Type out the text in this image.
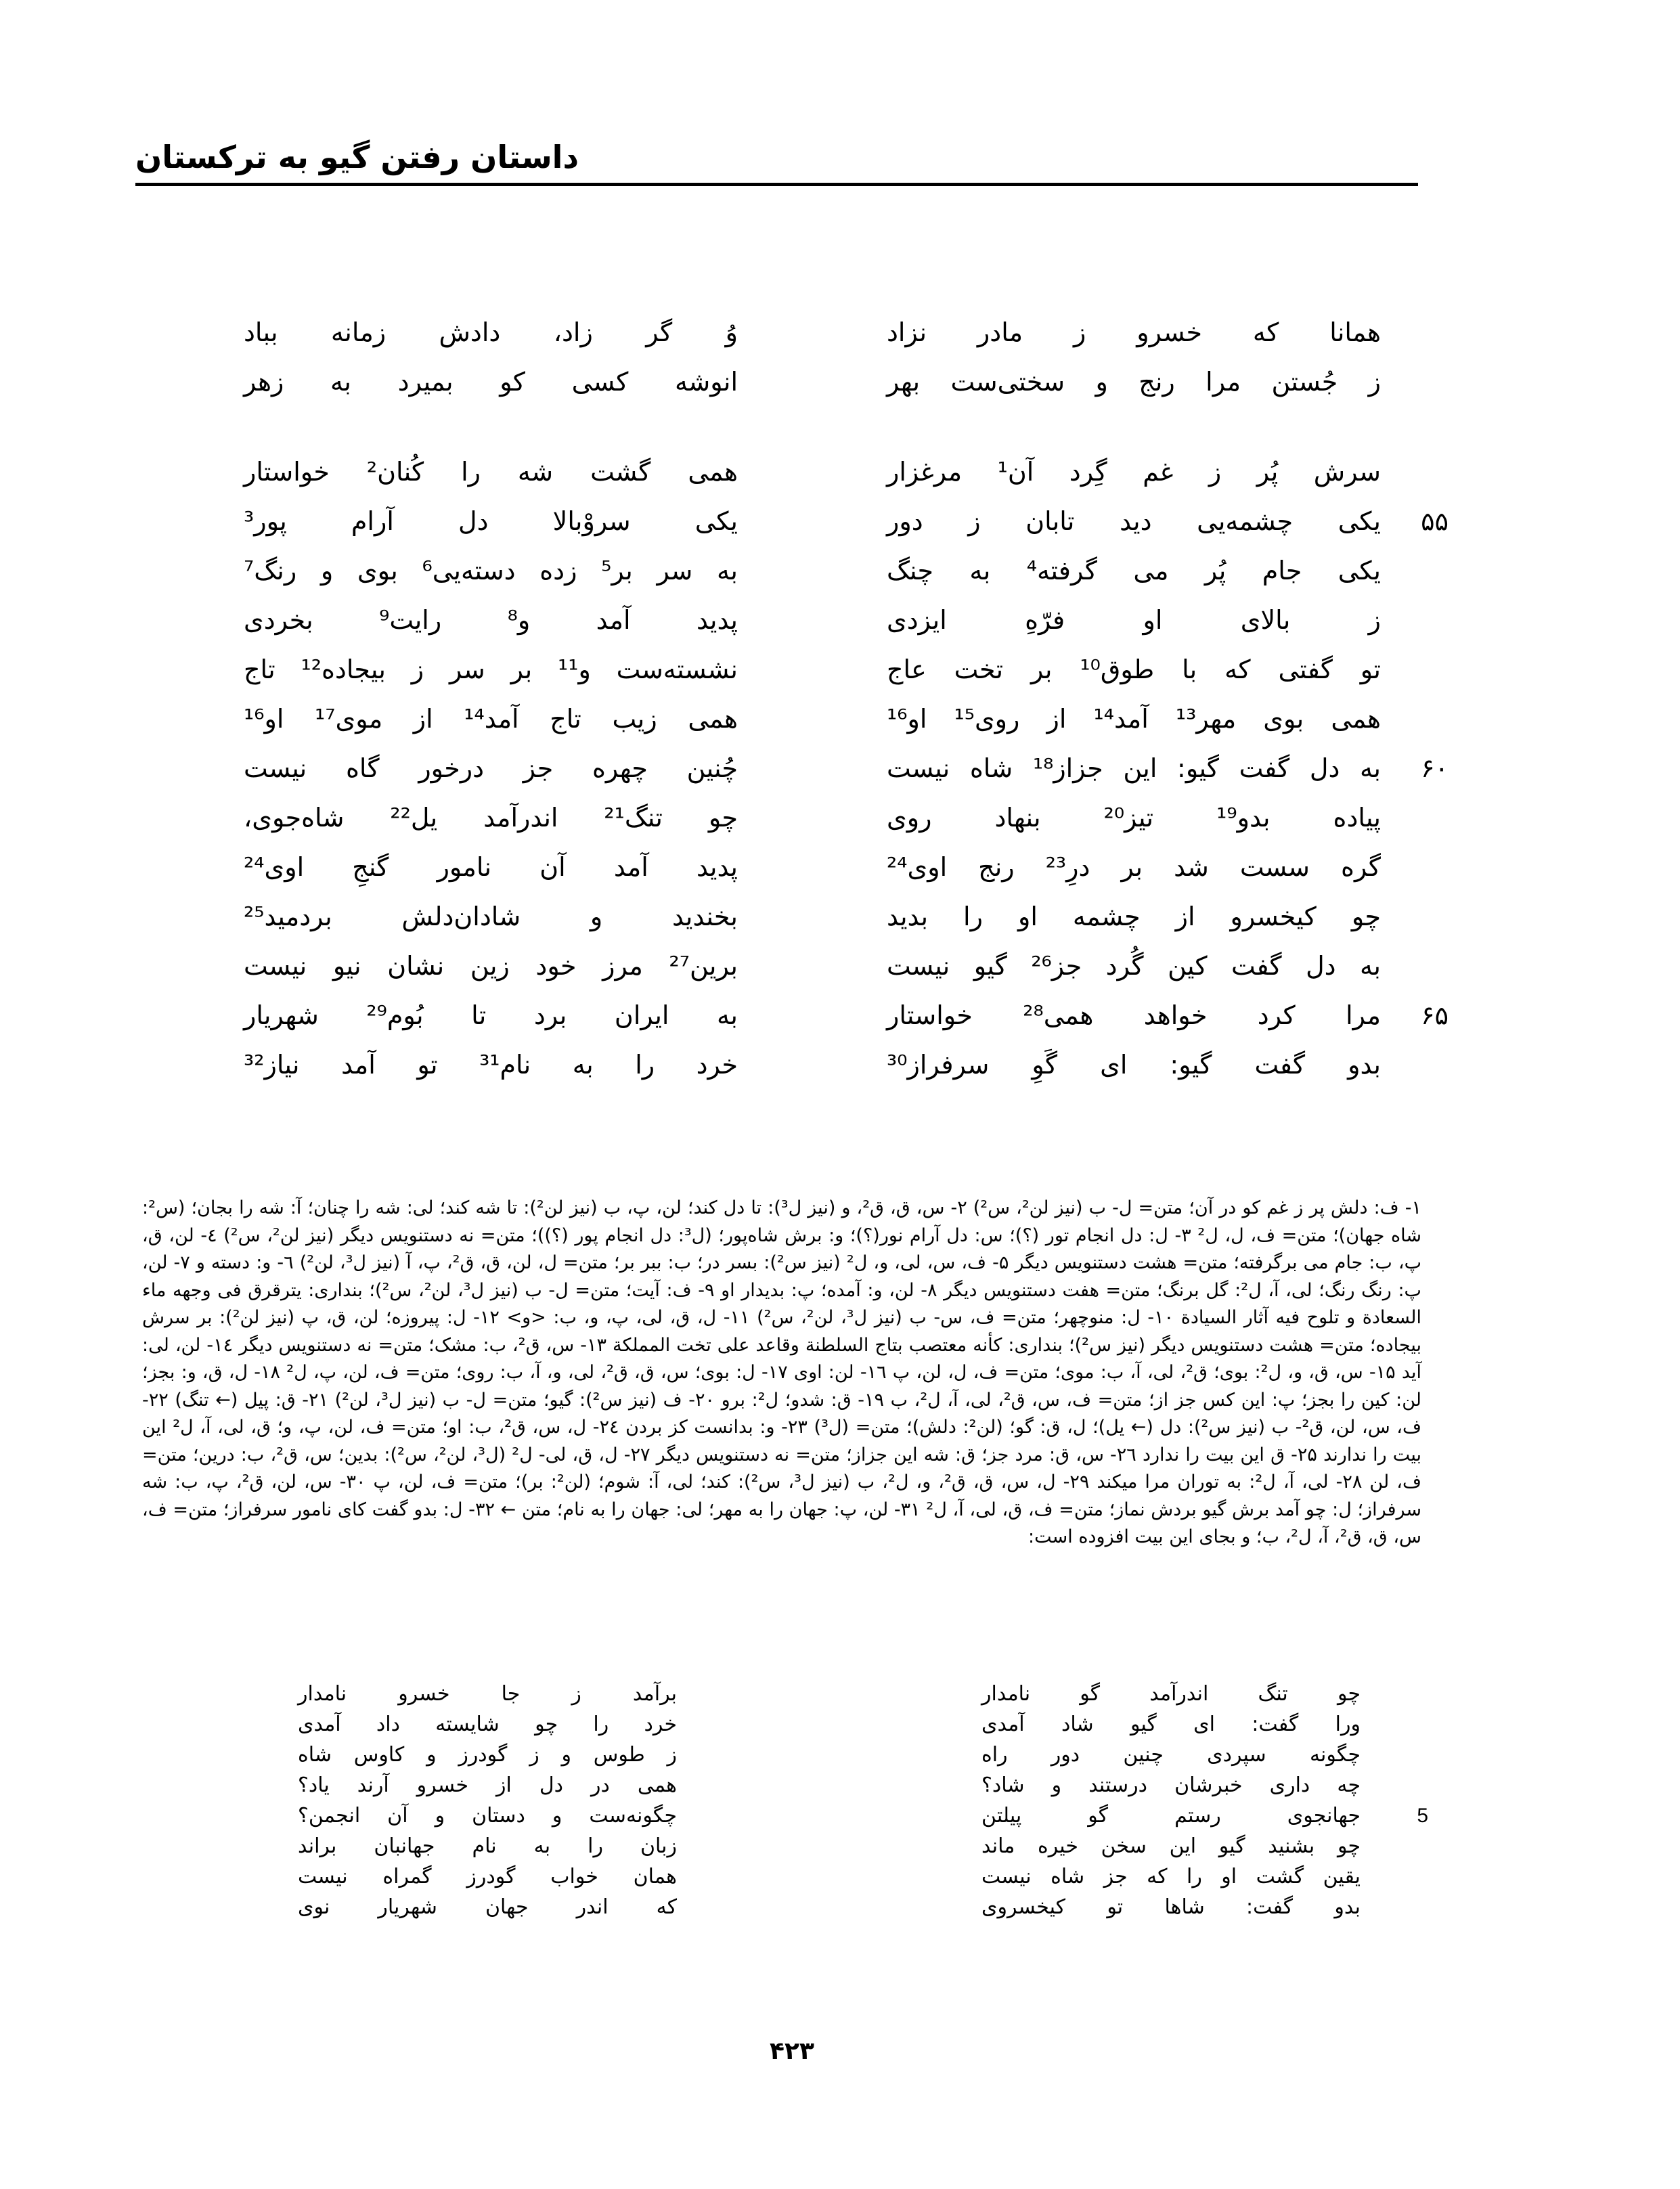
داستان رفتن گیو به ترکستان
همانا که خسرو ز مادر نزاد
وُ گر زاد، دادش زمانه بباد
ز جُستن مرا رنج و سختی‌ست بهر
انوشه کسی کو بمیرد به زهر
سرش پُر ز غم گِرد آن¹ مرغزار
همی گشت شه را کُنان² خواستار
یکی چشمه‌یی دید تابان ز دور
یکی سروْبالا دل آرام پور³	۵۵
یکی جام پُر می گرفته⁴ به چنگ
به سر بر⁵ زده دسته‌یی⁶ بوی و رنگ⁷
ز بالای او فرّهِ ایزدی
پدید آمد و⁸ رایت⁹ بخردی
تو گفتی که با طوق¹⁰ بر تخت عاج
نشسته‌ست و¹¹ بر سر ز بیجاده¹² تاج
همی بوی مهر¹³ آمد¹⁴ از روی¹⁵ او¹⁶
همی زیب تاج آمد¹⁴ از موی¹⁷ او¹⁶
به دل گفت گیو: این جزاز¹⁸ شاه نیست
چُنین چهره جز درخور گاه نیست	۶۰
پیاده بدو¹⁹ تیز²⁰ بنهاد روی
چو تنگ²¹ اندرآمد یل²² شاه‌جوی،
گره سست شد بر درِ²³ رنج اوی²⁴
پدید آمد آن نامور گنجِ اوی²⁴
چو کیخسرو از چشمه او را بدید
بخندید و شادان‌دلش بردمید²⁵
به دل گفت کین گُرد جز²⁶ گیو نیست
برین²⁷ مرز خود زین نشان نیو نیست
مرا کرد خواهد همی²⁸ خواستار
به ایران برد تا بُوم²⁹ شهریار	۶۵
بدو گفت گیو: ای گَوِ سرفراز³⁰
خرد را به نام³¹ تو آمد نیاز³²
۱- ف: دلش پر ز غم کو در آن؛ متن= ل- ب (نیز لن²، س²) ۲- س، ق، ق²، و (نیز ل³): تا دل کند؛ لن، پ، ب (نیز لن²): تا شه کند؛ لی: شه را چنان؛ آ: شه را بجان؛ (س²: شاه جهان)؛ متن= ف، ل، ل² ۳- ل: دل انجام تور (؟)؛ س: دل آرام نور(؟)؛ و: برش شاه‌پور؛ (ل³: دل انجام پور (؟))؛ متن= نه دستنویس دیگر (نیز لن²، س²) ٤- لن، ق، پ، ب: جام می برگرفته؛ متن= هشت دستنویس دیگر ۵- ف، س، لی، و، ل² (نیز س²): بسر در؛ ب: ببر بر؛ متن= ل، لن، ق، ق²، پ، آ (نیز ل³، لن²) ٦- و: دسته و ۷- لن، پ: رنگ رنگ؛ لی، آ، ل²: گل برنگ؛ متن= هفت دستنویس دیگر ۸- لن، و: آمده؛ پ: بدیدار او ۹- ف: آیت؛ متن= ل- ب (نیز ل³، لن²، س²)؛ بنداری: یترقرق فی وجهه ماء السعادة و تلوح فیه آثار السیادة ۱۰- ل: منوچهر؛ متن= ف، س- ب (نیز ل³، لن²، س²) ۱۱- ل، ق، لی، پ، و، ب: <و> ۱۲- ل: پیروزه؛ لن، ق، پ (نیز لن²): بر سرش بیجاده؛ متن= هشت دستنویس دیگر (نیز س²)؛ بنداری: کأنه معتصب بتاج السلطنة وقاعد علی تخت المملکة ۱۳- س، ق²، ب: مشک؛ متن= نه دستنویس دیگر ١٤- لن، لی: آید ۱۵- س، ق، و، ل²: بوی؛ ق²، لی، آ، ب: موی؛ متن= ف، ل، لن، پ ١٦- لن: اوی ۱۷- ل: بوی؛ س، ق، ق²، لی، و، آ، ب: روی؛ متن= ف، لن، پ، ل² ۱۸- ل، ق، و: بجز؛ لن: کین را بجز؛ پ: این کس جز از؛ متن= ف، س، ق²، لی، آ، ل²، ب ۱۹- ق: شدو؛ ل²: برو ۲۰- ف (نیز س²): گیو؛ متن= ل- ب (نیز ل³، لن²) ۲۱- ق: پیل (← تنگ) ۲۲- ف، س، لن، ق²- ب (نیز س²): دل (← یل)؛ ل، ق: گو؛ (لن²: دلش)؛ متن= (ل³) ۲۳- و: بدانست کز بردن ۲٤- ل، س، ق²، ب: او؛ متن= ف، لن، پ، و؛ ق، لی، آ، ل² این بیت را ندارند ۲۵- ق این بیت را ندارد ۲٦- س، ق: مرد جز؛ ق: شه این جزاز؛ متن= نه دستنویس دیگر ۲۷- ل، ق، لی- ل² (ل³، لن²، س²): بدین؛ س، ق²، ب: درین؛ متن= ف، لن ۲۸- لی، آ، ل²: به توران مرا میکند ۲۹- ل، س، ق، ق²، و، ل²، ب (نیز ل³، س²): کند؛ لی، آ: شوم؛ (لن²: بر)؛ متن= ف، لن، پ ۳۰- س، لن، ق²، پ، ب: شه سرفراز؛ ل: چو آمد برش گیو بردش نماز؛ متن= ف، ق، لی، آ، ل² ۳۱- لن، پ: جهان را به مهر؛ لی: جهان را به نام؛ متن ← ۳۲- ل: بدو گفت کای نامور سرفراز؛ متن= ف، س، ق، ق²، آ، ل²، ب؛ و بجای این بیت افزوده است:
چو تنگ اندرآمد گو نامدار
برآمد ز جا خسرو نامدار
ورا گفت: ای گیو شاد آمدی
خرد را چو شایسته داد آمدی
چگونه سپردی چنین دور راه
ز طوس و ز گودرز و کاوس شاه
چه داری خبرشان درستند و شاد؟
همی در دل از خسرو آرند یاد؟
جهانجوی رستم گو پیلتن
چگونه‌ست و دستان و آن انجمن؟	5
چو بشنید گیو این سخن خیره ماند
زبان را به نام جهانبان براند
یقین گشت او را که جز شاه نیست
همان خواب گودرز گمراه نیست
بدو گفت: شاها تو کیخسروی
که اندر جهان شهریار نوی
۴۲۳
